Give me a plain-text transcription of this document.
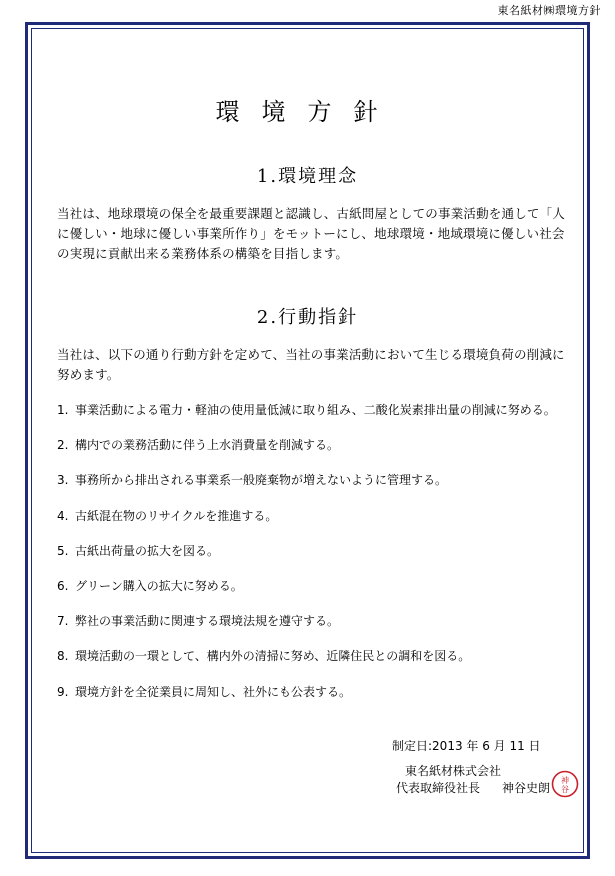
東名紙材㈱環境方針
環境方針
1.環境理念
当社は、地球環境の保全を最重要課題と認識し、古紙問屋としての事業活動を通して「人
に優しい・地球に優しい事業所作り」をモットーにし、地球環境・地域環境に優しい社会
の実現に貢献出来る業務体系の構築を目指します。
2.行動指針
当社は、以下の通り行動方針を定めて、当社の事業活動において生じる環境負荷の削減に
努めます。
1. 事業活動による電力・軽油の使用量低減に取り組み、二酸化炭素排出量の削減に努める。
2. 構内での業務活動に伴う上水消費量を削減する。
3. 事務所から排出される事業系一般廃棄物が増えないように管理する。
4. 古紙混在物のリサイクルを推進する。
5. 古紙出荷量の拡大を図る。
6. グリーン購入の拡大に努める。
7. 弊社の事業活動に関連する環境法規を遵守する。
8. 環境活動の一環として、構内外の清掃に努め、近隣住民との調和を図る。
9. 環境方針を全従業員に周知し、社外にも公表する。
制定日:2013 年 6 月 11 日
東名紙材株式会社
代表取締役社長 神谷史朗
神
谷
